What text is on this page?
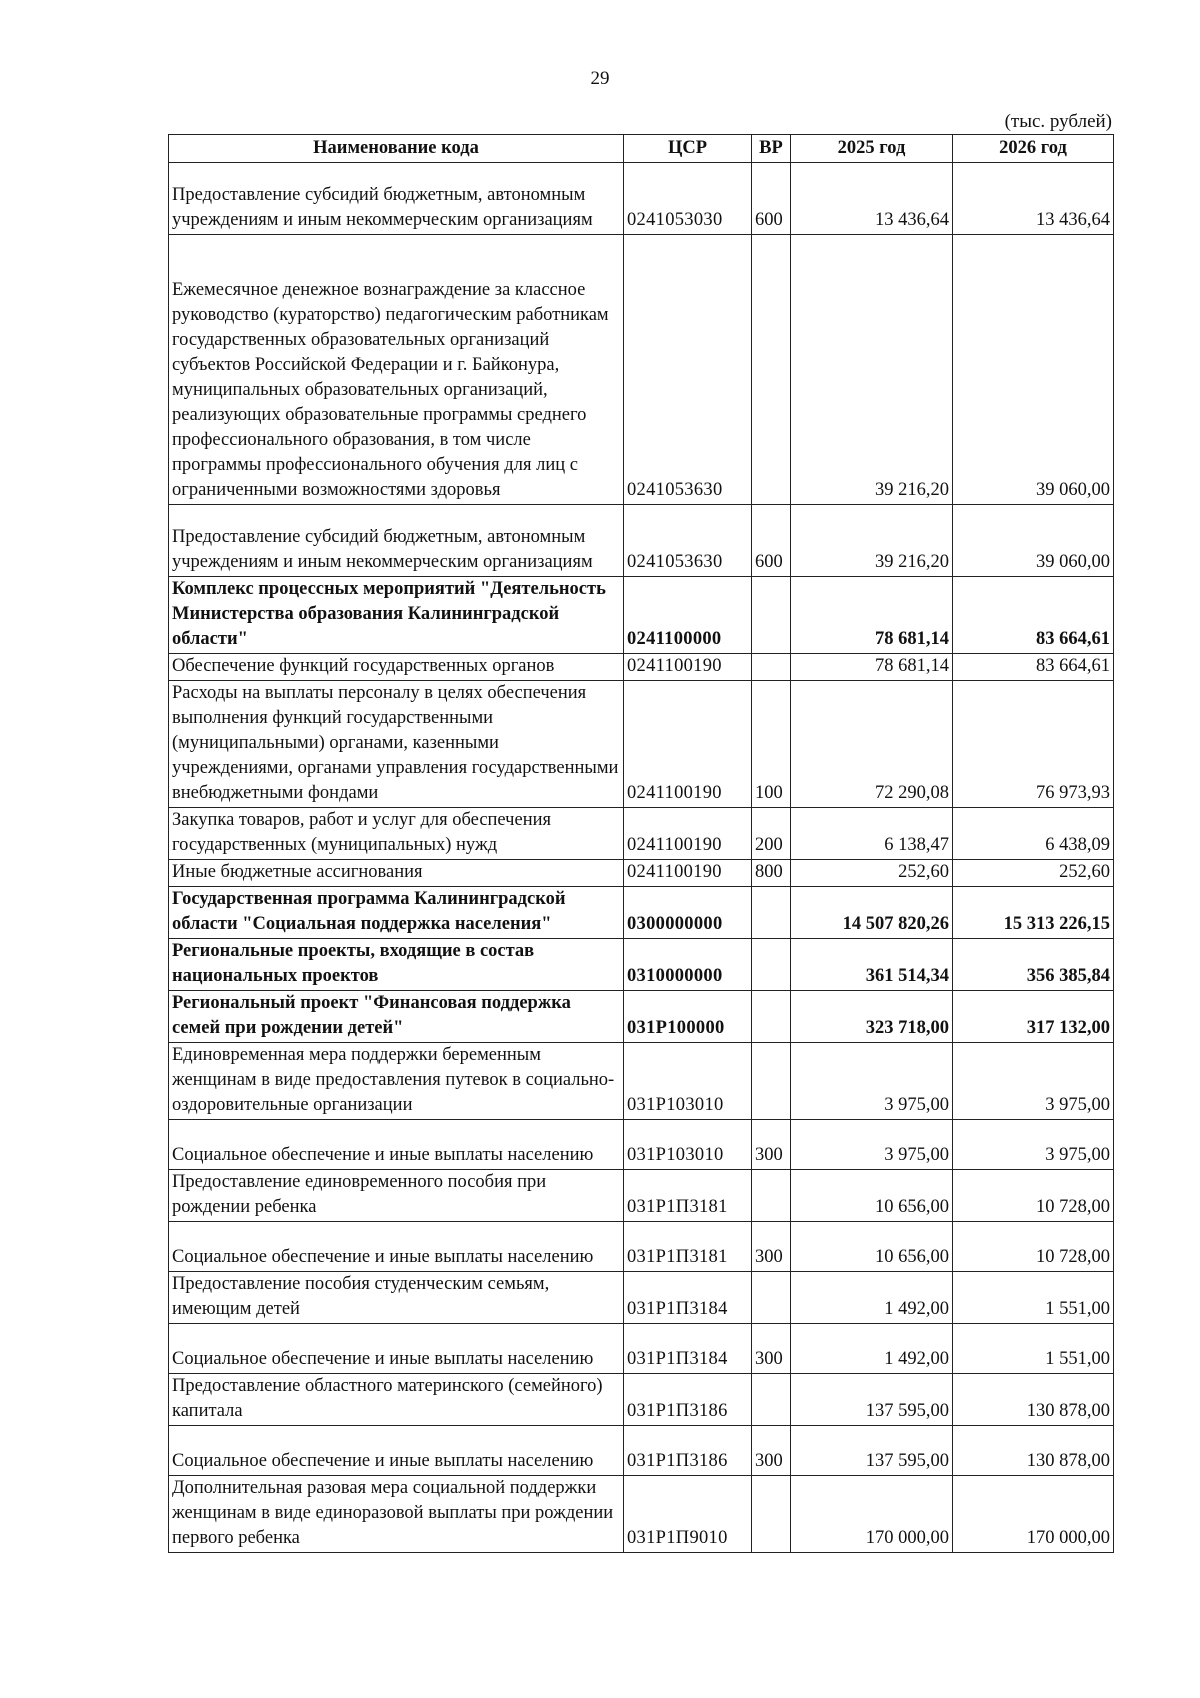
29
(тыс. рублей)
Наименование кода	ЦСР	ВР	2025 год	2026 год
Предоставление субсидий бюджетным, автономным учреждениям и иным некоммерческим организациям	0241053030	600	13 436,64	13 436,64
Ежемесячное денежное вознаграждение за классное руководство (кураторство) педагогическим работникам государственных образовательных организаций субъектов Российской Федерации и г. Байконура, муниципальных образовательных организаций, реализующих образовательные программы среднего профессионального образования, в том числе программы профессионального обучения для лиц с ограниченными возможностями здоровья	0241053630		39 216,20	39 060,00
Предоставление субсидий бюджетным, автономным учреждениям и иным некоммерческим организациям	0241053630	600	39 216,20	39 060,00
Комплекс процессных мероприятий "Деятельность Министерства образования Калининградской области"	0241100000		78 681,14	83 664,61
Обеспечение функций государственных органов	0241100190		78 681,14	83 664,61
Расходы на выплаты персоналу в целях обеспечения выполнения функций государственными (муниципальными) органами, казенными учреждениями, органами управления государственными внебюджетными фондами	0241100190	100	72 290,08	76 973,93
Закупка товаров, работ и услуг для обеспечения государственных (муниципальных) нужд	0241100190	200	6 138,47	6 438,09
Иные бюджетные ассигнования	0241100190	800	252,60	252,60
Государственная программа Калининградской области "Социальная поддержка населения"	0300000000		14 507 820,26	15 313 226,15
Региональные проекты, входящие в состав национальных проектов	0310000000		361 514,34	356 385,84
Региональный проект "Финансовая поддержка семей при рождении детей"	031Р100000		323 718,00	317 132,00
Единовременная мера поддержки беременным женщинам в виде предоставления путевок в социально-оздоровительные организации	031Р103010		3 975,00	3 975,00
Социальное обеспечение и иные выплаты населению	031Р103010	300	3 975,00	3 975,00
Предоставление единовременного пособия при рождении ребенка	031Р1П3181		10 656,00	10 728,00
Социальное обеспечение и иные выплаты населению	031Р1П3181	300	10 656,00	10 728,00
Предоставление пособия студенческим семьям, имеющим детей	031Р1П3184		1 492,00	1 551,00
Социальное обеспечение и иные выплаты населению	031Р1П3184	300	1 492,00	1 551,00
Предоставление областного материнского (семейного) капитала	031Р1П3186		137 595,00	130 878,00
Социальное обеспечение и иные выплаты населению	031Р1П3186	300	137 595,00	130 878,00
Дополнительная разовая мера социальной поддержки женщинам в виде единоразовой выплаты при рождении первого ребенка	031Р1П9010		170 000,00	170 000,00
